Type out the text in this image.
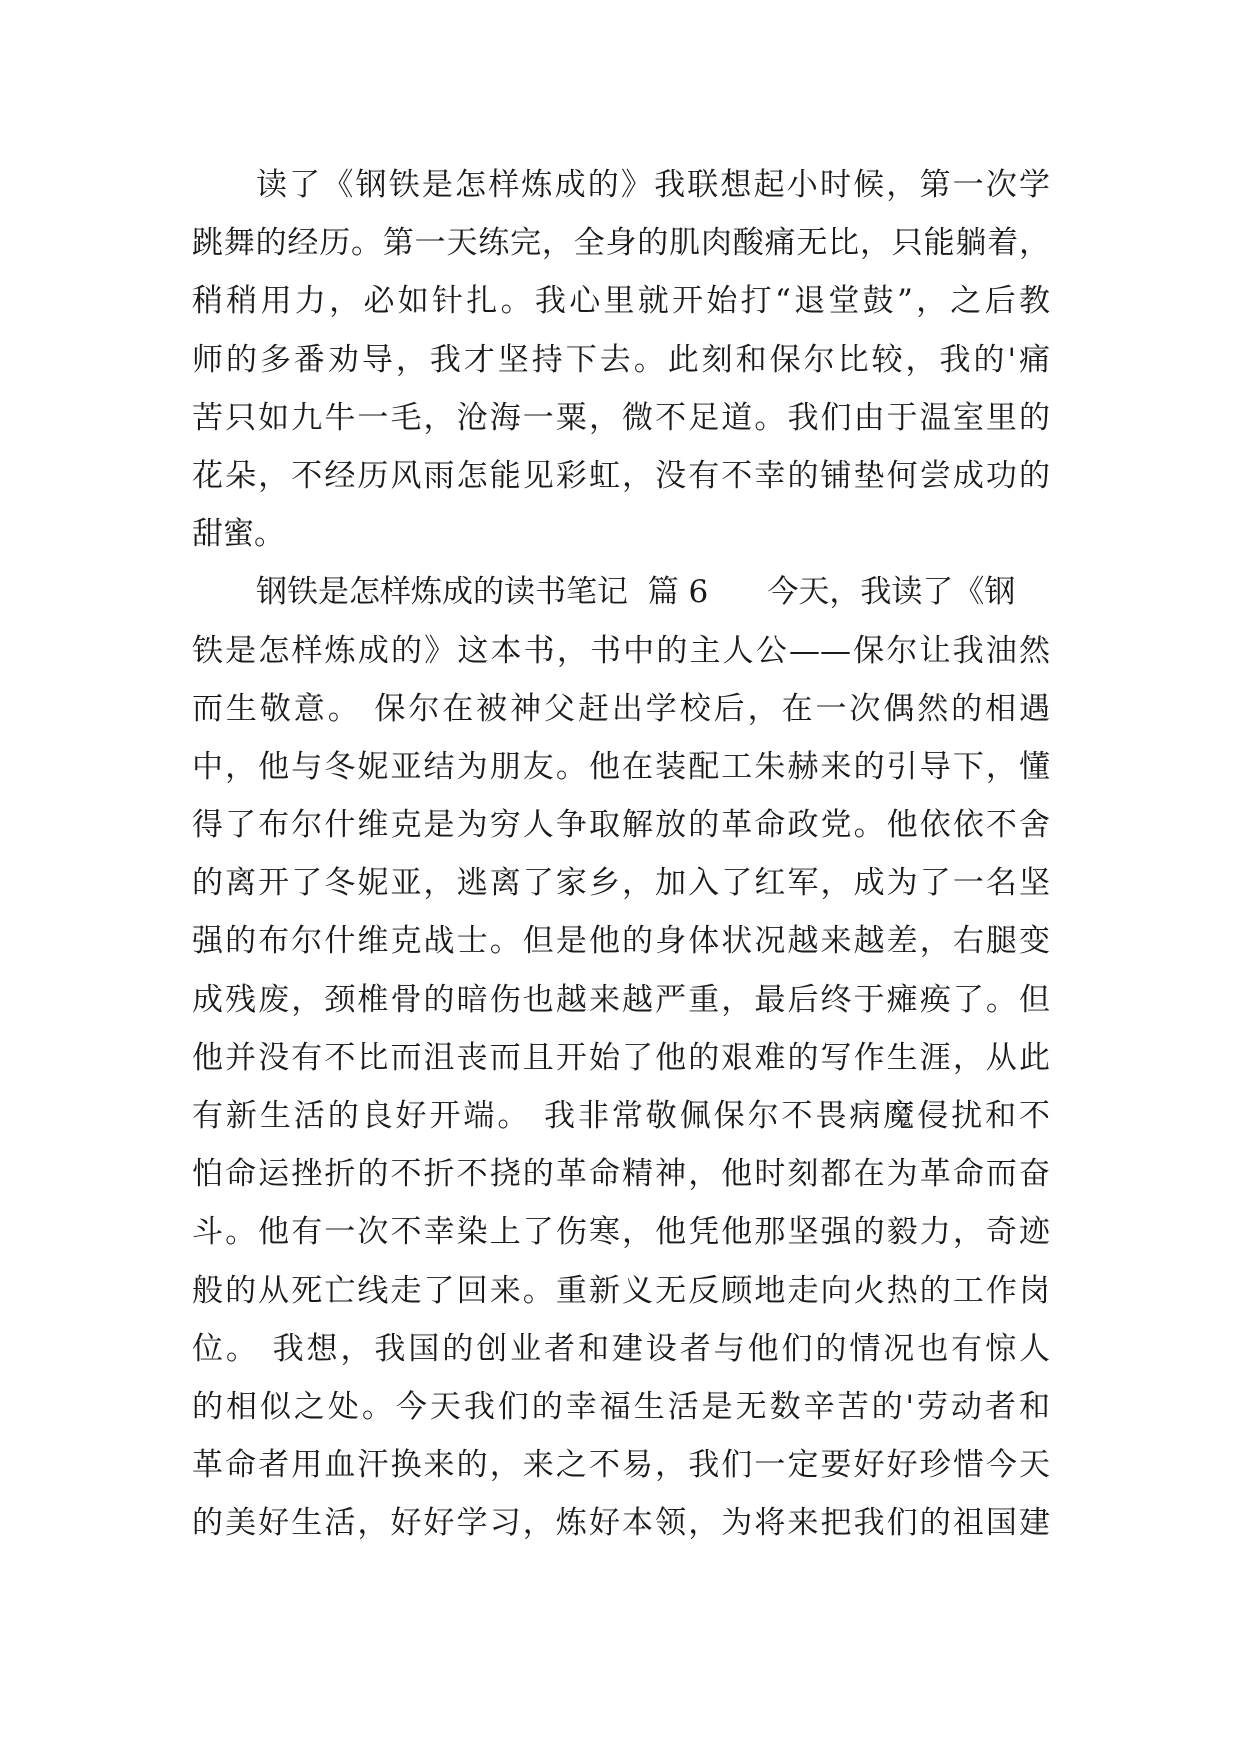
读了《钢铁是怎样炼成的》我联想起小时候，第一次学
跳舞的经历。第一天练完，全身的肌肉酸痛无比，只能躺着，
稍稍用力，必如针扎。我心里就开始打“退堂鼓”，之后教
师的多番劝导，我才坚持下去。此刻和保尔比较，我的'痛
苦只如九牛一毛，沧海一粟，微不足道。我们由于温室里的
花朵，不经历风雨怎能见彩虹，没有不幸的铺垫何尝成功的
甜蜜。
钢铁是怎样炼成的读书笔记  篇 6      今天，我读了《钢
铁是怎样炼成的》这本书，书中的主人公——保尔让我油然
而生敬意。 保尔在被神父赶出学校后，在一次偶然的相遇
中，他与冬妮亚结为朋友。他在装配工朱赫来的引导下，懂
得了布尔什维克是为穷人争取解放的革命政党。他依依不舍
的离开了冬妮亚，逃离了家乡，加入了红军，成为了一名坚
强的布尔什维克战士。但是他的身体状况越来越差，右腿变
成残废，颈椎骨的暗伤也越来越严重，最后终于瘫痪了。但
他并没有不比而沮丧而且开始了他的艰难的写作生涯，从此
有新生活的良好开端。 我非常敬佩保尔不畏病魔侵扰和不
怕命运挫折的不折不挠的革命精神，他时刻都在为革命而奋
斗。他有一次不幸染上了伤寒，他凭他那坚强的毅力，奇迹
般的从死亡线走了回来。重新义无反顾地走向火热的工作岗
位。 我想，我国的创业者和建设者与他们的情况也有惊人
的相似之处。今天我们的幸福生活是无数辛苦的'劳动者和
革命者用血汗换来的，来之不易，我们一定要好好珍惜今天
的美好生活，好好学习，炼好本领，为将来把我们的祖国建
